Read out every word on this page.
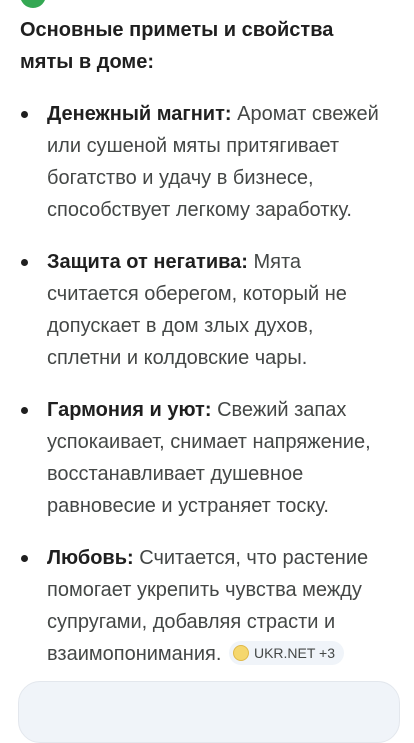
Основные приметы и свойства мяты в доме:
Денежный магнит: Аромат свежей или сушеной мяты притягивает богатство и удачу в бизнесе, способствует легкому заработку.
Защита от негатива: Мята считается оберегом, который не допускает в дом злых духов, сплетни и колдовские чары.
Гармония и уют: Свежий запах успокаивает, снимает напряжение, восстанавливает душевное равновесие и устраняет тоску.
Любовь: Считается, что растение помогает укрепить чувства между супругами, добавляя страсти и взаимопонимания. UKR.NET +3
